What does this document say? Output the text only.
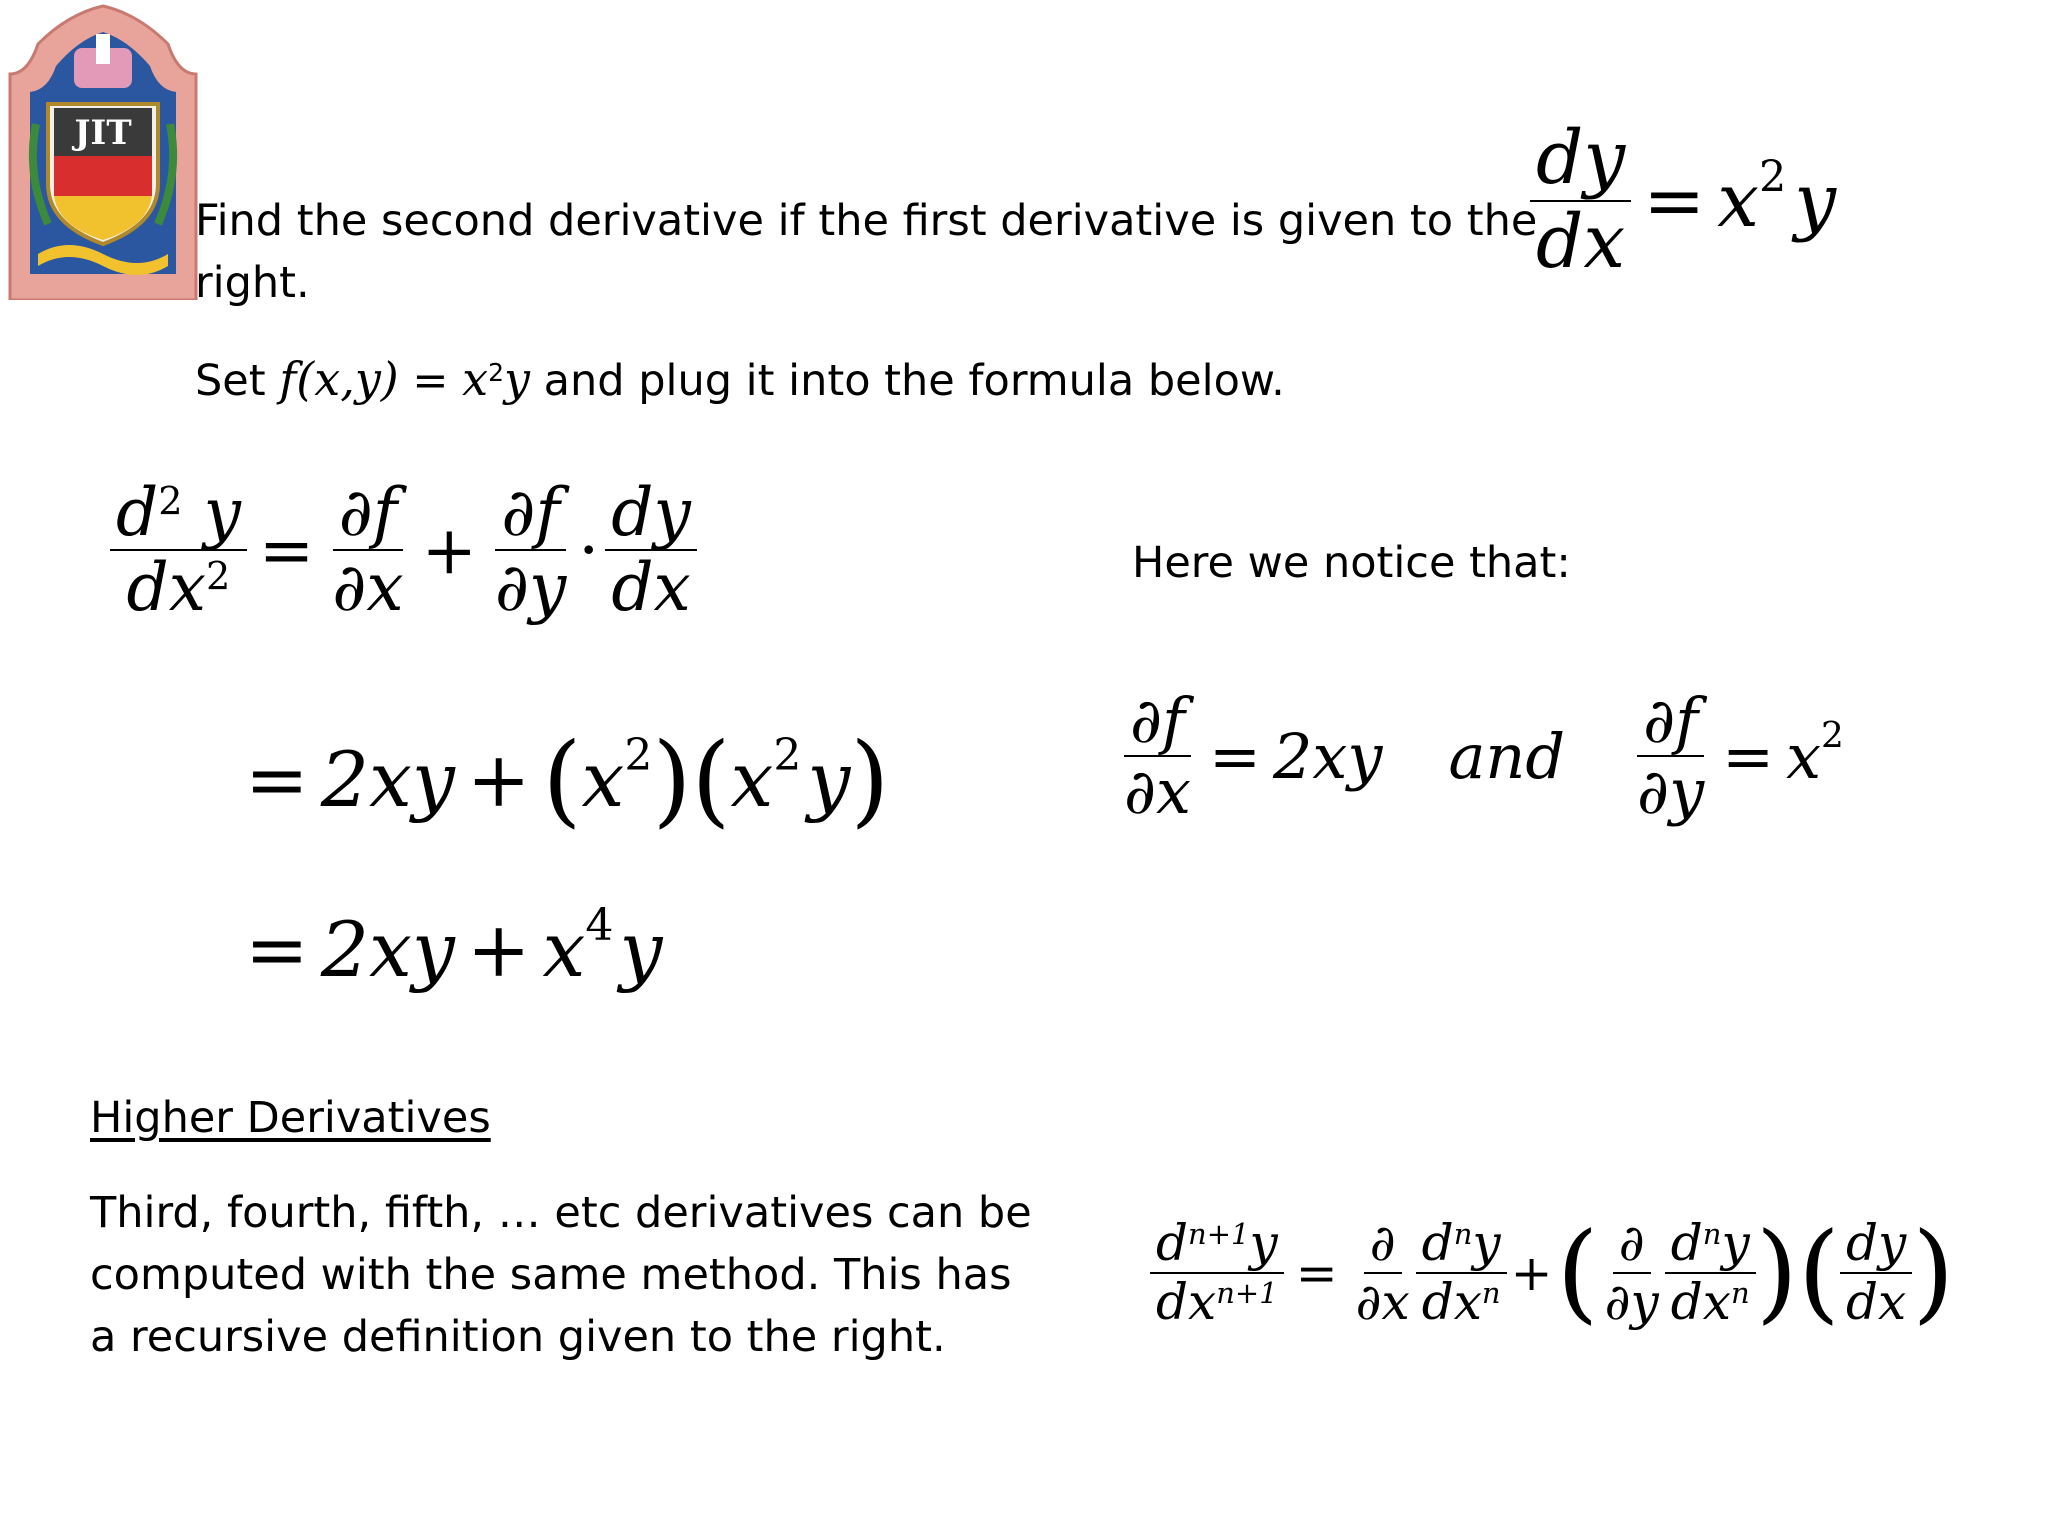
JIT
Find the second derivative if the first derivative is given to the
right.
Set $f(x,y) = x^2y$ and plug it into the formula below.
$\frac{dy}{dx} = x^2$ y
$\frac{d^2 y}{dx^2} = \frac{\partial f}{\partial x} + \frac{\partial f}{\partial y} \cdot \frac{dy}{dx}$
= 2xy + ( $x^2$ )( $x^2$ y )
= $2xy + x^4$ y
Here we notice that:
$\frac{\partial f}{\partial x} = 2xy$	and	$\frac{\partial f}{\partial y} = x^2$
Higher Derivatives
Third, fourth, fifth, … etc derivatives can be
computed with the same method. This has
a recursive definition given to the right.
$\frac{d^{n+1}y}{dx^{n+1}} = \frac{\partial}{\partial x} \frac{d^ny}{dx^n}$ + ( $\frac{\partial}{\partial y} \frac{d^ny}{dx^n}$ )( $\frac{dy}{dx}$ )
